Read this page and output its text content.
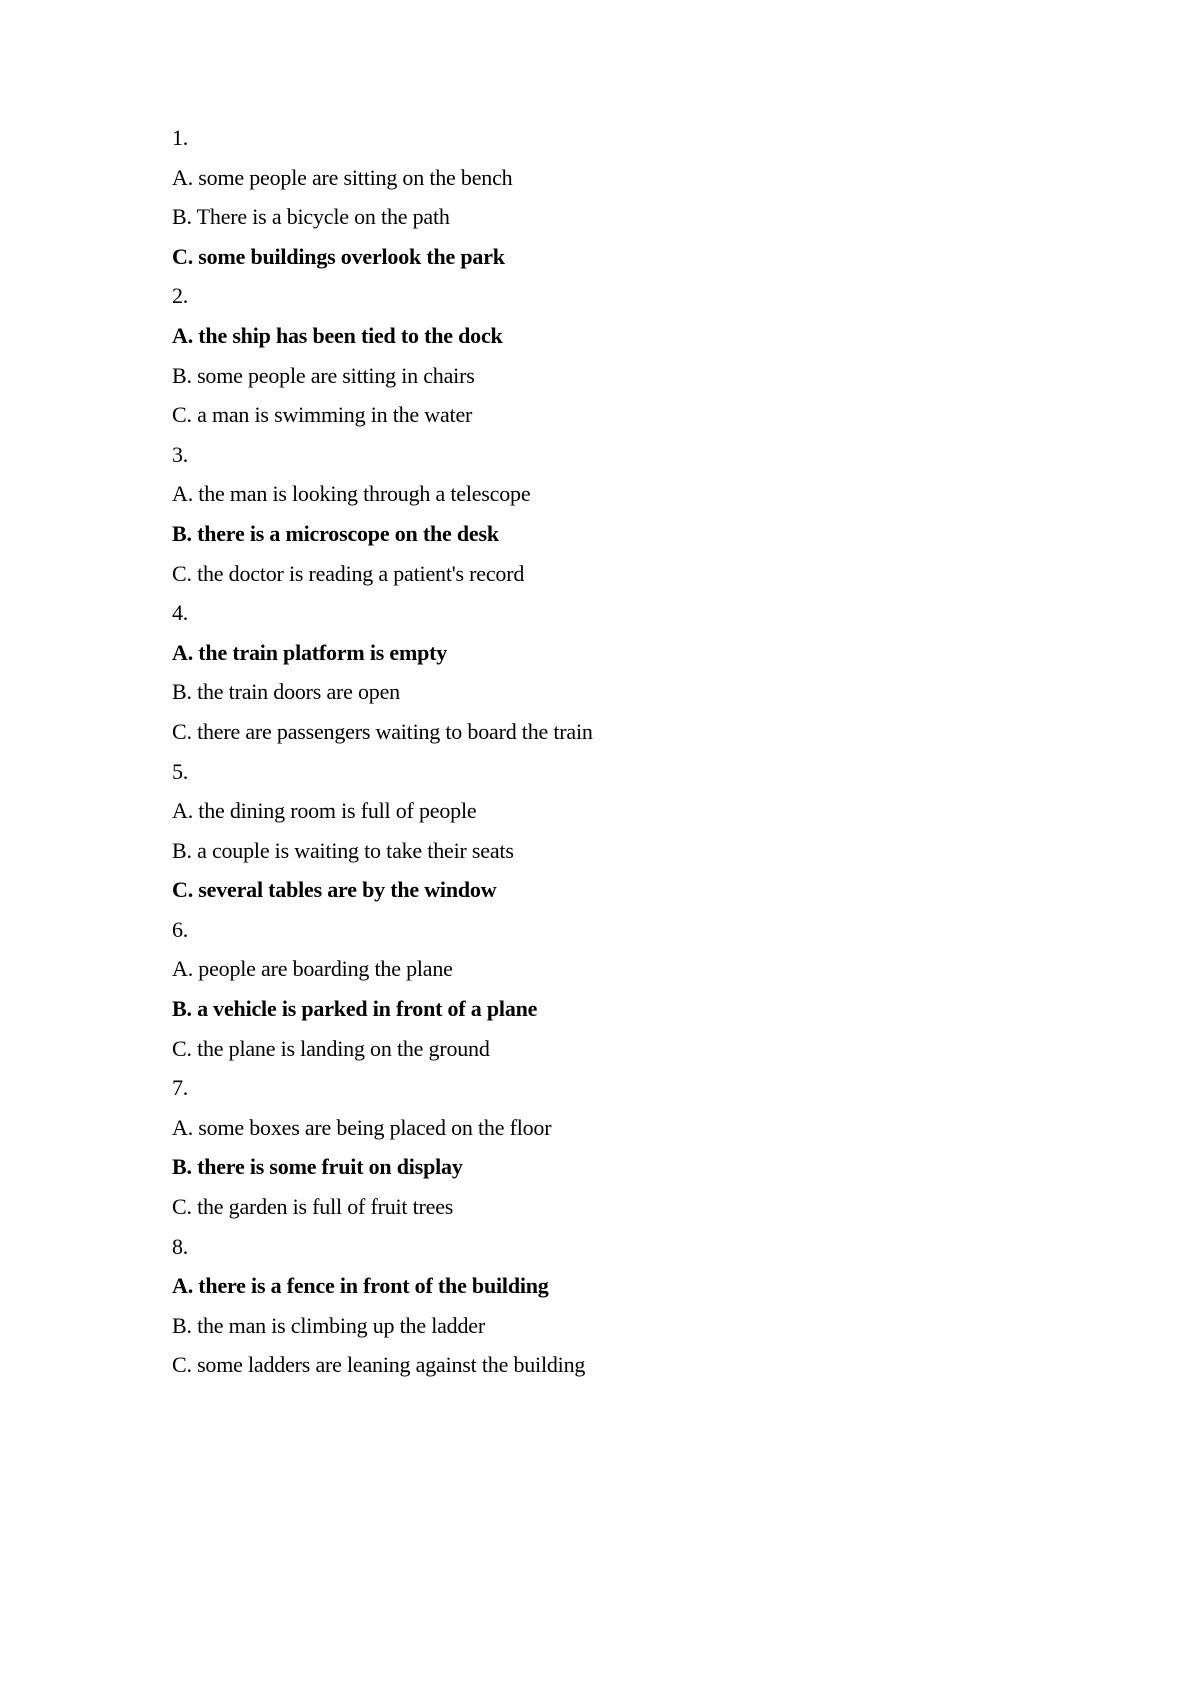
1.
A. some people are sitting on the bench
B. There is a bicycle on the path
C. some buildings overlook the park
2.
A. the ship has been tied to the dock
B. some people are sitting in chairs
C. a man is swimming in the water
3.
A. the man is looking through a telescope
B. there is a microscope on the desk
C. the doctor is reading a patient's record
4.
A. the train platform is empty
B. the train doors are open
C. there are passengers waiting to board the train
5.
A. the dining room is full of people
B. a couple is waiting to take their seats
C. several tables are by the window
6.
A. people are boarding the plane
B. a vehicle is parked in front of a plane
C. the plane is landing on the ground
7.
A. some boxes are being placed on the floor
B. there is some fruit on display
C. the garden is full of fruit trees
8.
A. there is a fence in front of the building
B. the man is climbing up the ladder
C. some ladders are leaning against the building
